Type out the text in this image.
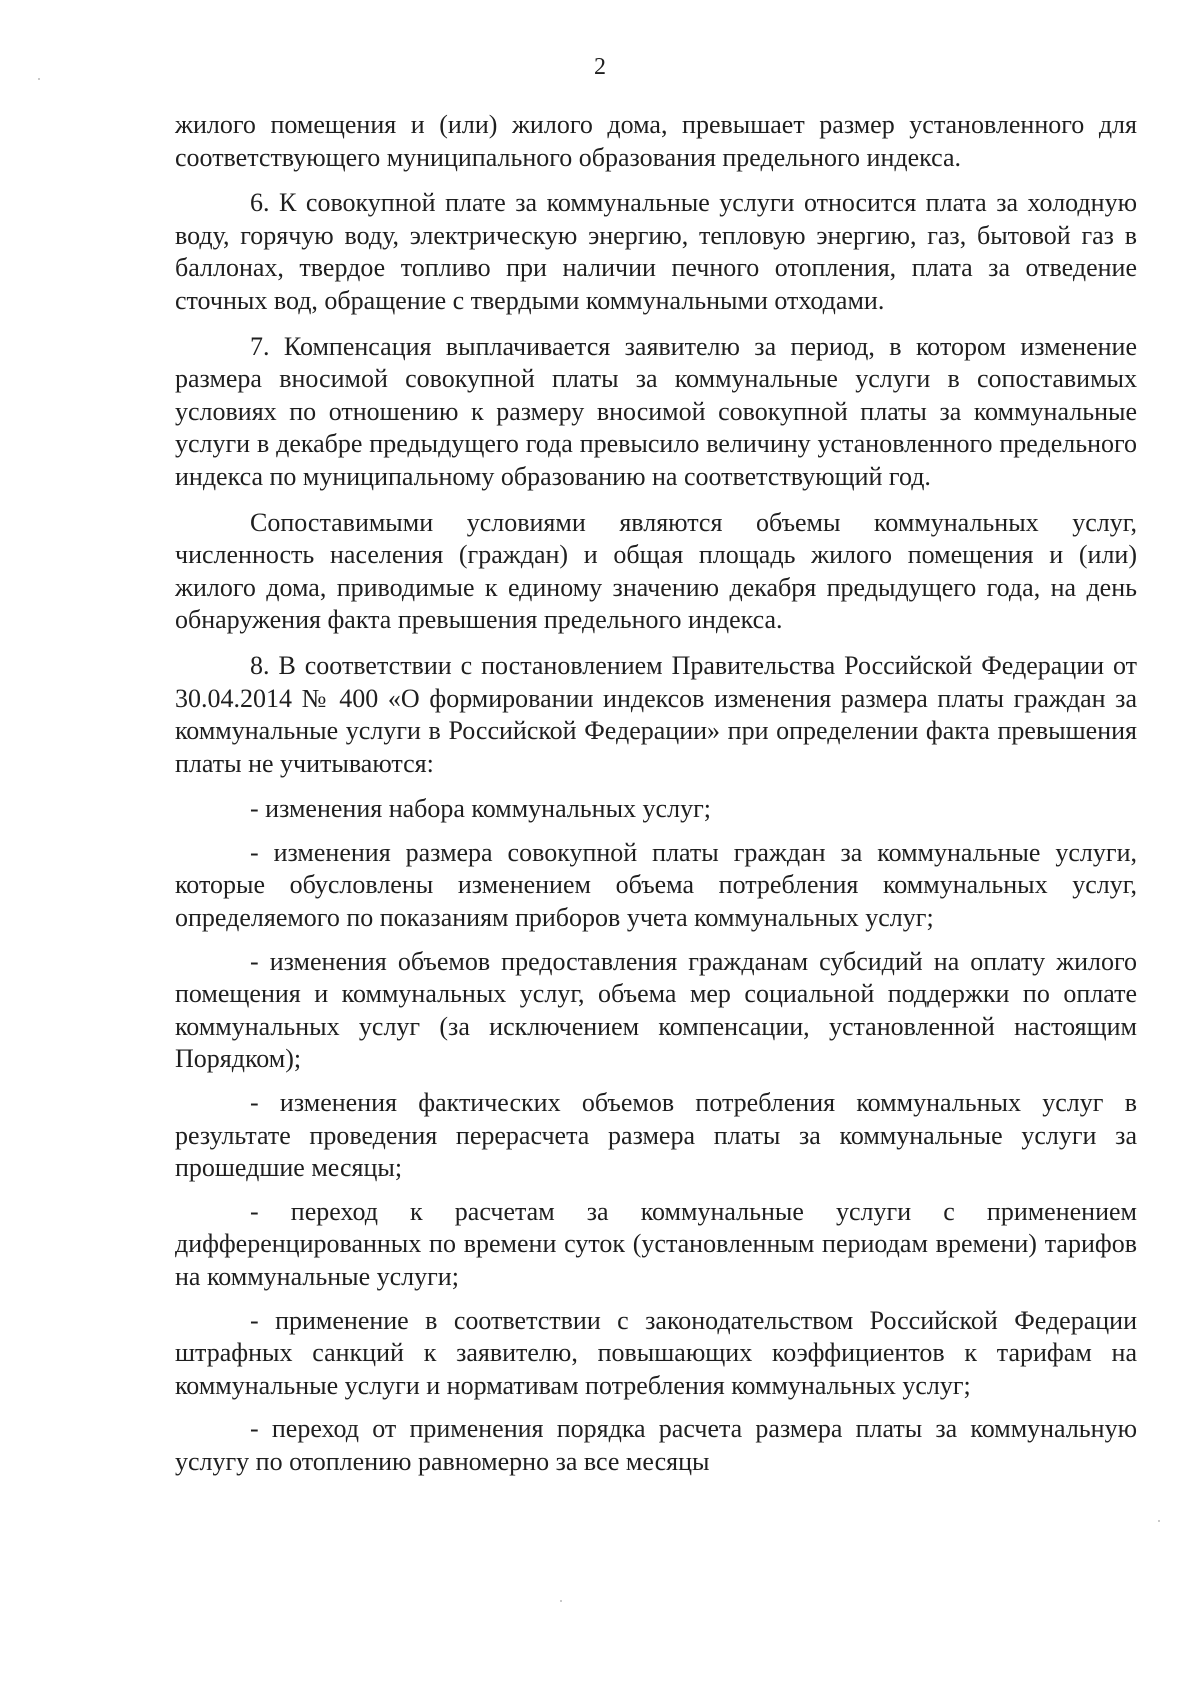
2

жилого помещения и (или) жилого дома, превышает размер установленного для соответствующего муниципального образования предельного индекса.

6. К совокупной плате за коммунальные услуги относится плата за холодную воду, горячую воду, электрическую энергию, тепловую энергию, газ, бытовой газ в баллонах, твердое топливо при наличии печного отопления, плата за отведение сточных вод, обращение с твердыми коммунальными отходами.

7. Компенсация выплачивается заявителю за период, в котором изменение размера вносимой совокупной платы за коммунальные услуги в сопоставимых условиях по отношению к размеру вносимой совокупной платы за коммунальные услуги в декабре предыдущего года превысило величину установленного предельного индекса по муниципальному образованию на соответствующий год.

Сопоставимыми условиями являются объемы коммунальных услуг, численность населения (граждан) и общая площадь жилого помещения и (или) жилого дома, приводимые к единому значению декабря предыдущего года, на день обнаружения факта превышения предельного индекса.

8. В соответствии с постановлением Правительства Российской Федерации от 30.04.2014 № 400 «О формировании индексов изменения размера платы граждан за коммунальные услуги в Российской Федерации» при определении факта превышения платы не учитываются:

- изменения набора коммунальных услуг;

- изменения размера совокупной платы граждан за коммунальные услуги, которые обусловлены изменением объема потребления коммунальных услуг, определяемого по показаниям приборов учета коммунальных услуг;

- изменения объемов предоставления гражданам субсидий на оплату жилого помещения и коммунальных услуг, объема мер социальной поддержки по оплате коммунальных услуг (за исключением компенсации, установленной настоящим Порядком);

- изменения фактических объемов потребления коммунальных услуг в результате проведения перерасчета размера платы за коммунальные услуги за прошедшие месяцы;

- переход к расчетам за коммунальные услуги с применением дифференцированных по времени суток (установленным периодам времени) тарифов на коммунальные услуги;

- применение в соответствии с законодательством Российской Федерации штрафных санкций к заявителю, повышающих коэффициентов к тарифам на коммунальные услуги и нормативам потребления коммунальных услуг;

- переход от применения порядка расчета размера платы за коммунальную услугу по отоплению равномерно за все месяцы
